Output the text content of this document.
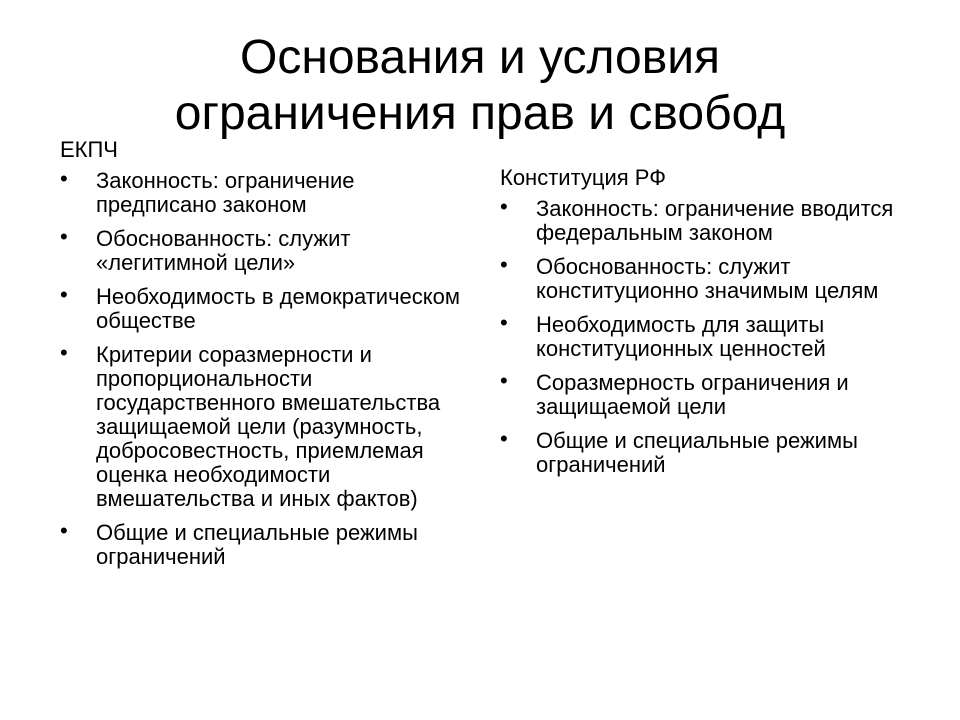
Основания и условия
ограничения прав и свобод
ЕКПЧ
• Законность: ограничение предписано законом
• Обоснованность: служит «легитимной цели»
• Необходимость в демократическом обществе
• Критерии соразмерности и пропорциональности государственного вмешательства защищаемой цели (разумность, добросовестность, приемлемая оценка необходимости вмешательства и иных фактов)
• Общие и специальные режимы ограничений
Конституция РФ
• Законность: ограничение вводится федеральным законом
• Обоснованность: служит конституционно значимым целям
• Необходимость для защиты конституционных ценностей
• Соразмерность ограничения и защищаемой цели
• Общие и специальные режимы ограничений
